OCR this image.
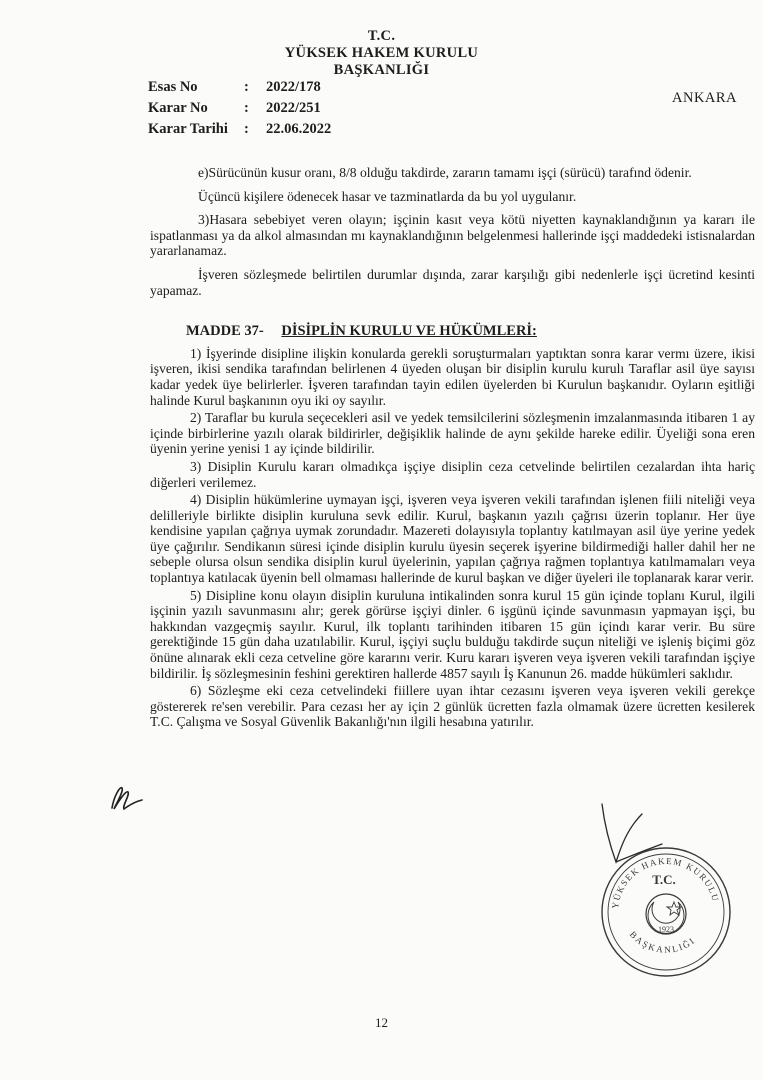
T.C.
YÜKSEK HAKEM KURULU
BAŞKANLIĞI
Esas No	:	2022/178
Karar No	:	2022/251
Karar Tarihi	:	22.06.2022
ANKARA

e)Sürücünün kusur oranı, 8/8 olduğu takdirde, zararın tamamı işçi (sürücü) tarafınd ödenir.

Üçüncü kişilere ödenecek hasar ve tazminatlarda da bu yol uygulanır.

3)Hasara sebebiyet veren olayın; işçinin kasıt veya kötü niyetten kaynaklandığının ya kararı ile ispatlanması ya da alkol almasından mı kaynaklandığının belgelenmesi hallerinde işçi maddedeki istisnalardan yararlanamaz.

İşveren sözleşmede belirtilen durumlar dışında, zarar karşılığı gibi nedenlerle işçi ücretind kesinti yapamaz.

MADDE 37- DİSİPLİN KURULU VE HÜKÜMLERİ:

1) İşyerinde disipline ilişkin konularda gerekli soruşturmaları yaptıktan sonra karar vermı üzere, ikisi işveren, ikisi sendika tarafından belirlenen 4 üyeden oluşan bir disiplin kurulu kurulı Taraflar asil üye sayısı kadar yedek üye belirlerler. İşveren tarafından tayin edilen üyelerden bi Kurulun başkanıdır. Oyların eşitliği halinde Kurul başkanının oyu iki oy sayılır.

2) Taraflar bu kurula seçecekleri asil ve yedek temsilcilerini sözleşmenin imzalanmasında itibaren 1 ay içinde birbirlerine yazılı olarak bildirirler, değişiklik halinde de aynı şekilde hareke edilir. Üyeliği sona eren üyenin yerine yenisi 1 ay içinde bildirilir.

3) Disiplin Kurulu kararı olmadıkça işçiye disiplin ceza cetvelinde belirtilen cezalardan ihta hariç diğerleri verilemez.

4) Disiplin hükümlerine uymayan işçi, işveren veya işveren vekili tarafından işlenen fiili niteliği veya delilleriyle birlikte disiplin kuruluna sevk edilir. Kurul, başkanın yazılı çağrısı üzerin toplanır. Her üye kendisine yapılan çağrıya uymak zorundadır. Mazereti dolayısıyla toplantıy katılmayan asil üye yerine yedek üye çağırılır. Sendikanın süresi içinde disiplin kurulu üyesin seçerek işyerine bildirmediği haller dahil her ne sebeple olursa olsun sendika disiplin kurul üyelerinin, yapılan çağrıya rağmen toplantıya katılmamaları veya toplantıya katılacak üyenin bell olmaması hallerinde de kurul başkan ve diğer üyeleri ile toplanarak karar verir.

5) Disipline konu olayın disiplin kuruluna intikalinden sonra kurul 15 gün içinde toplanı Kurul, ilgili işçinin yazılı savunmasını alır; gerek görürse işçiyi dinler. 6 işgünü içinde savunmasın yapmayan işçi, bu hakkından vazgeçmiş sayılır. Kurul, ilk toplantı tarihinden itibaren 15 gün içindı karar verir. Bu süre gerektiğinde 15 gün daha uzatılabilir. Kurul, işçiyi suçlu bulduğu takdirde suçun niteliği ve işleniş biçimi göz önüne alınarak ekli ceza cetveline göre kararını verir. Kuru kararı işveren veya işveren vekili tarafından işçiye bildirilir. İş sözleşmesinin feshini gerektiren hallerde 4857 sayılı İş Kanunun 26. madde hükümleri saklıdır.

6) Sözleşme eki ceza cetvelindeki fiillere uyan ihtar cezasını işveren veya işveren vekili gerekçe göstererek re'sen verebilir. Para cezası her ay için 2 günlük ücretten fazla olmamak üzere ücretten kesilerek T.C. Çalışma ve Sosyal Güvenlik Bakanlığı'nın ilgili hesabına yatırılır.

T.C.
1923
YÜKSEK HAKEM KURULU
BAŞKANLIĞI
12
